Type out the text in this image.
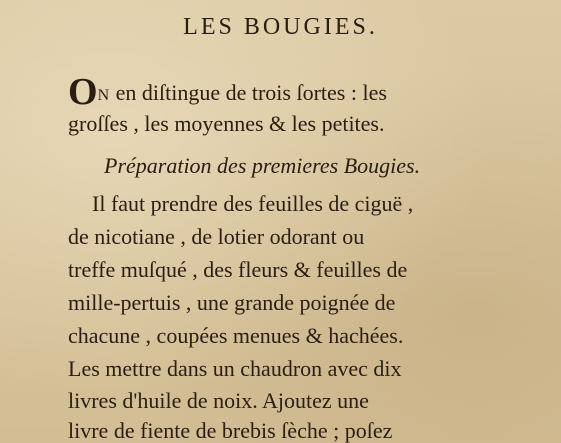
LES BOUGIES.
ON en diſtingue de trois ſortes : les
groſſes , les moyennes & les petites.
Préparation des premieres Bougies.
Il faut prendre des feuilles de ciguë ,
de nicotiane , de lotier odorant ou
treffe muſqué , des fleurs & feuilles de
mille-pertuis , une grande poignée de
chacune , coupées menues & hachées.
Les mettre dans un chaudron avec dix
livres d'huile de noix. Ajoutez une
livre de fiente de brebis ſèche ; poſez
